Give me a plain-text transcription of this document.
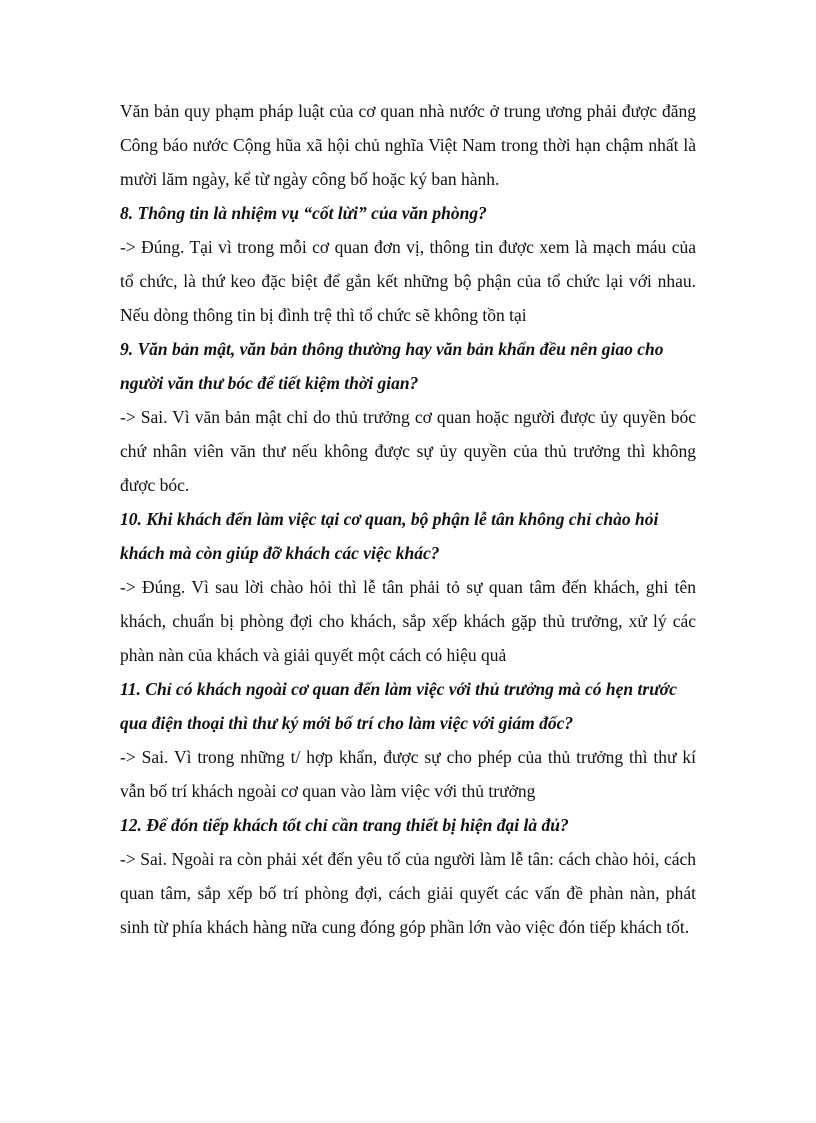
Văn bản quy phạm pháp luật của cơ quan nhà nước ở trung ương phải được đăng Công báo nước Cộng hũa xã hội chủ nghĩa Việt Nam trong thời hạn chậm nhất là mười lăm ngày, kể từ ngày công bố hoặc ký ban hành.

8. Thông tin là nhiệm vụ “cốt lừi” của văn phòng?

-> Đúng. Tại vì trong mỗi cơ quan đơn vị, thông tin được xem là mạch máu của tổ chức, là thứ keo đặc biệt để gắn kết những bộ phận của tổ chức lại với nhau. Nếu dòng thông tin bị đình trệ thì tổ chức sẽ không tồn tại

9. Văn bản mật, văn bản thông thường hay văn bản khẩn đều nên giao cho người văn thư bóc để tiết kiệm thời gian?

-> Sai. Vì văn bản mật chỉ do thủ trưởng cơ quan hoặc người được ủy quyền bóc chứ nhân viên văn thư nếu không được sự ủy quyền của thủ trưởng thì không được bóc.

10. Khi khách đến làm việc tại cơ quan, bộ phận lễ tân không chỉ chào hỏi khách mà còn giúp đỡ khách các việc khác?

-> Đúng. Vì sau lời chào hỏi thì lễ tân phải tỏ sự quan tâm đến khách, ghi tên khách, chuẩn bị phòng đợi cho khách, sắp xếp khách gặp thủ trưởng, xử lý các phàn nàn của khách và giải quyết một cách có hiệu quả

11. Chỉ có khách ngoài cơ quan đến làm việc với thủ trưởng mà có hẹn trước qua điện thoại thì thư ký mới bố trí cho làm việc với giám đốc?

-> Sai. Vì trong những t/ hợp khẩn, được sự cho phép của thủ trưởng thì thư kí vẫn bố trí khách ngoài cơ quan vào làm việc với thủ trưởng

12. Để đón tiếp khách tốt chỉ cần trang thiết bị hiện đại là đủ?

-> Sai. Ngoài ra còn phải xét đến yêu tố của người làm lễ tân: cách chào hỏi, cách quan tâm, sắp xếp bố trí phòng đợi, cách giải quyết các vấn đề phàn nàn, phát sinh từ phía khách hàng nữa cung đóng góp phần lớn vào việc đón tiếp khách tốt.
